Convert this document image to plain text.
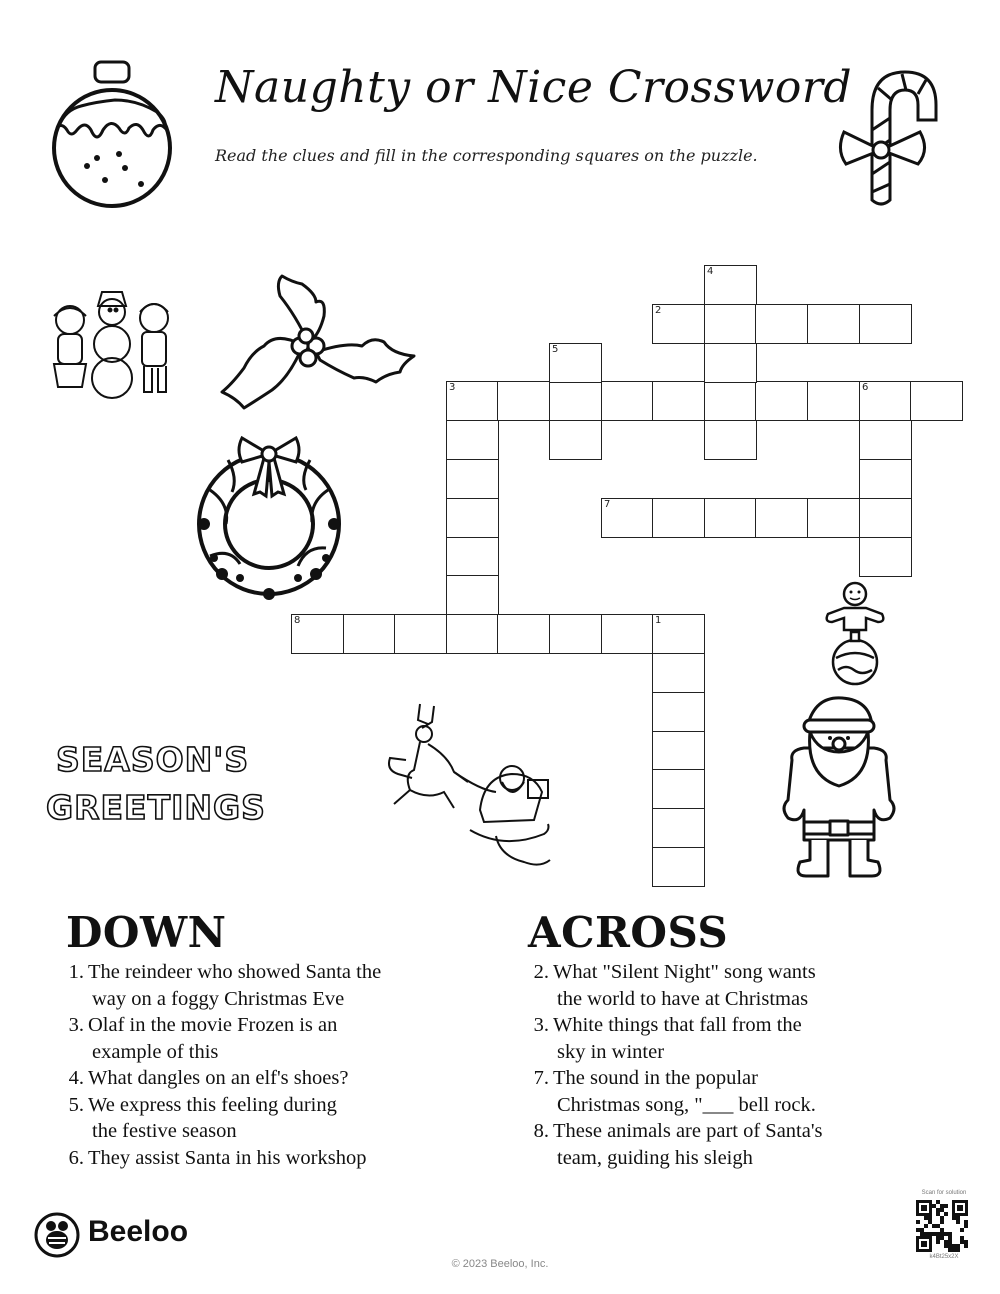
Naughty or Nice Crossword
Read the clues and fill in the corresponding squares on the puzzle.
SEASON'S
GREETINGS
2
3	6
7
8	1
4
5
DOWN
1. The reindeer who showed Santa the
way on a foggy Christmas Eve
3. Olaf in the movie Frozen is an
example of this
4. What dangles on an elf's shoes?
5. We express this feeling during
the festive season
6. They assist Santa in his workshop
ACROSS
2. What "Silent Night" song wants
the world to have at Christmas
3. White things that fall from the
sky in winter
7. The sound in the popular
Christmas song, "___ bell rock.
8. These animals are part of Santa's
team, guiding his sleigh
Beeloo
© 2023 Beeloo, Inc.
Scan for solution
k4Bt25x2X
